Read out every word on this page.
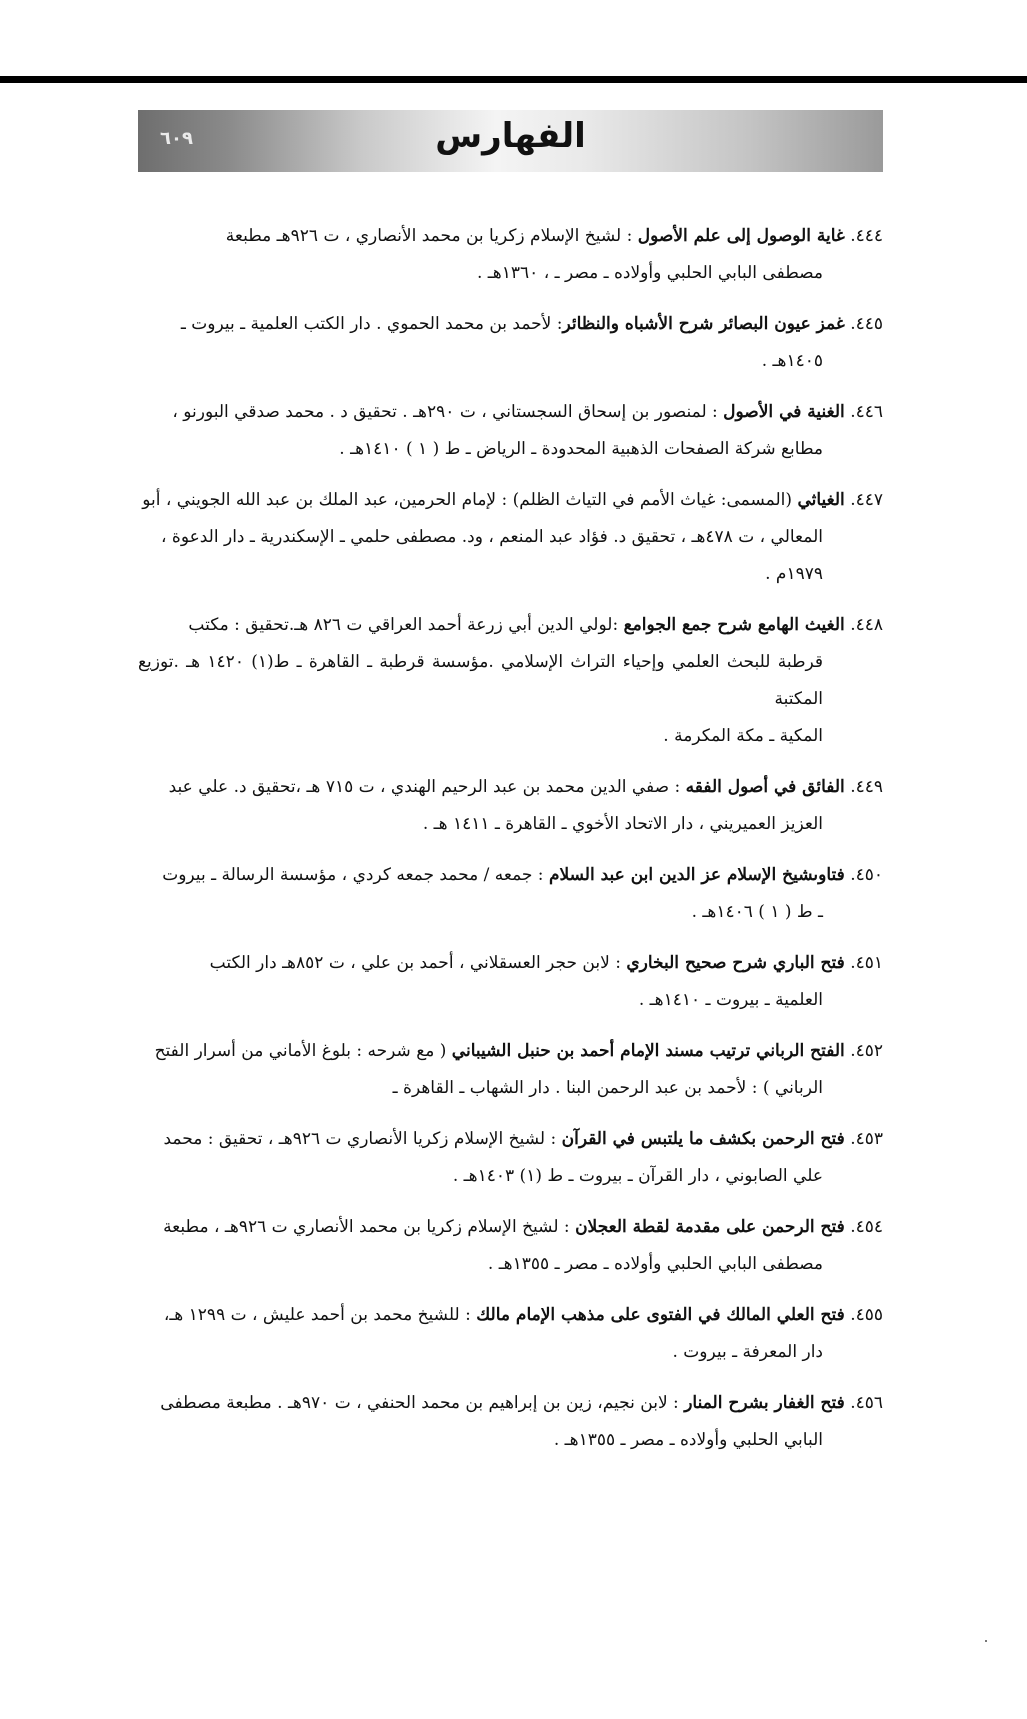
الفهارس
٦٠٩

٤٤٤. غاية الوصول إلى علم الأصول : لشيخ الإسلام زكريا بن محمد الأنصاري ، ت ٩٢٦هـ مطبعة

مصطفى البابي الحلبي وأولاده ـ مصر ـ ، ١٣٦٠هـ .

٤٤٥. غمز عيون البصائر شرح الأشباه والنظائر: لأحمد بن محمد الحموي . دار الكتب العلمية ـ بيروت ـ

١٤٠٥هـ .

٤٤٦. الغنية في الأصول : لمنصور بن إسحاق السجستاني ، ت ٢٩٠هـ . تحقيق د . محمد صدقي البورنو ،

مطابع شركة الصفحات الذهبية المحدودة ـ الرياض ـ ط ( ١ ) ١٤١٠هـ .

٤٤٧. الغياثي (المسمى: غياث الأمم في التياث الظلم) : لإمام الحرمين، عبد الملك بن عبد الله الجويني ، أبو

المعالي ، ت ٤٧٨هـ ، تحقيق د. فؤاد عبد المنعم ، ود. مصطفى حلمي ـ الإسكندرية ـ دار الدعوة ،

١٩٧٩م .

٤٤٨. الغيث الهامع شرح جمع الجوامع :لولي الدين أبي زرعة أحمد العراقي ت ٨٢٦ هـ.تحقيق : مكتب

قرطبة للبحث العلمي وإحياء التراث الإسلامي .مؤسسة قرطبة ـ القاهرة ـ ط(١) ١٤٢٠ هـ .توزيع المكتبة

المكية ـ مكة المكرمة .

٤٤٩. الفائق في أصول الفقه : صفي الدين محمد بن عبد الرحيم الهندي ، ت ٧١٥ هـ ،تحقيق د. علي عبد

العزيز العميريني ، دار الاتحاد الأخوي ـ القاهرة ـ ١٤١١ هـ .

٤٥٠. فتاوىشيخ الإسلام عز الدين ابن عبد السلام : جمعه / محمد جمعه كردي ، مؤسسة الرسالة ـ بيروت

ـ ط ( ١ ) ١٤٠٦هـ .

٤٥١. فتح الباري شرح صحيح البخاري : لابن حجر العسقلاني ، أحمد بن علي ، ت ٨٥٢هـ دار الكتب

العلمية ـ بيروت ـ ١٤١٠هـ .

٤٥٢. الفتح الرباني ترتيب مسند الإمام أحمد بن حنبل الشيباني ( مع شرحه : بلوغ الأماني من أسرار الفتح

الرباني ) : لأحمد بن عبد الرحمن البنا . دار الشهاب ـ القاهرة ـ

٤٥٣. فتح الرحمن بكشف ما يلتبس في القرآن : لشيخ الإسلام زكريا الأنصاري ت ٩٢٦هـ ، تحقيق : محمد

علي الصابوني ، دار القرآن ـ بيروت ـ ط (١) ١٤٠٣هـ .

٤٥٤. فتح الرحمن على مقدمة لقطة العجلان : لشيخ الإسلام زكريا بن محمد الأنصاري ت ٩٢٦هـ ، مطبعة

مصطفى البابي الحلبي وأولاده ـ مصر ـ ١٣٥٥هـ .

٤٥٥. فتح العلي المالك في الفتوى على مذهب الإمام مالك : للشيخ محمد بن أحمد عليش ، ت ١٢٩٩ هـ،

دار المعرفة ـ بيروت .

٤٥٦. فتح الغفار بشرح المنار : لابن نجيم، زين بن إبراهيم بن محمد الحنفي ، ت ٩٧٠هـ . مطبعة مصطفى

البابي الحلبي وأولاده ـ مصر ـ ١٣٥٥هـ .
